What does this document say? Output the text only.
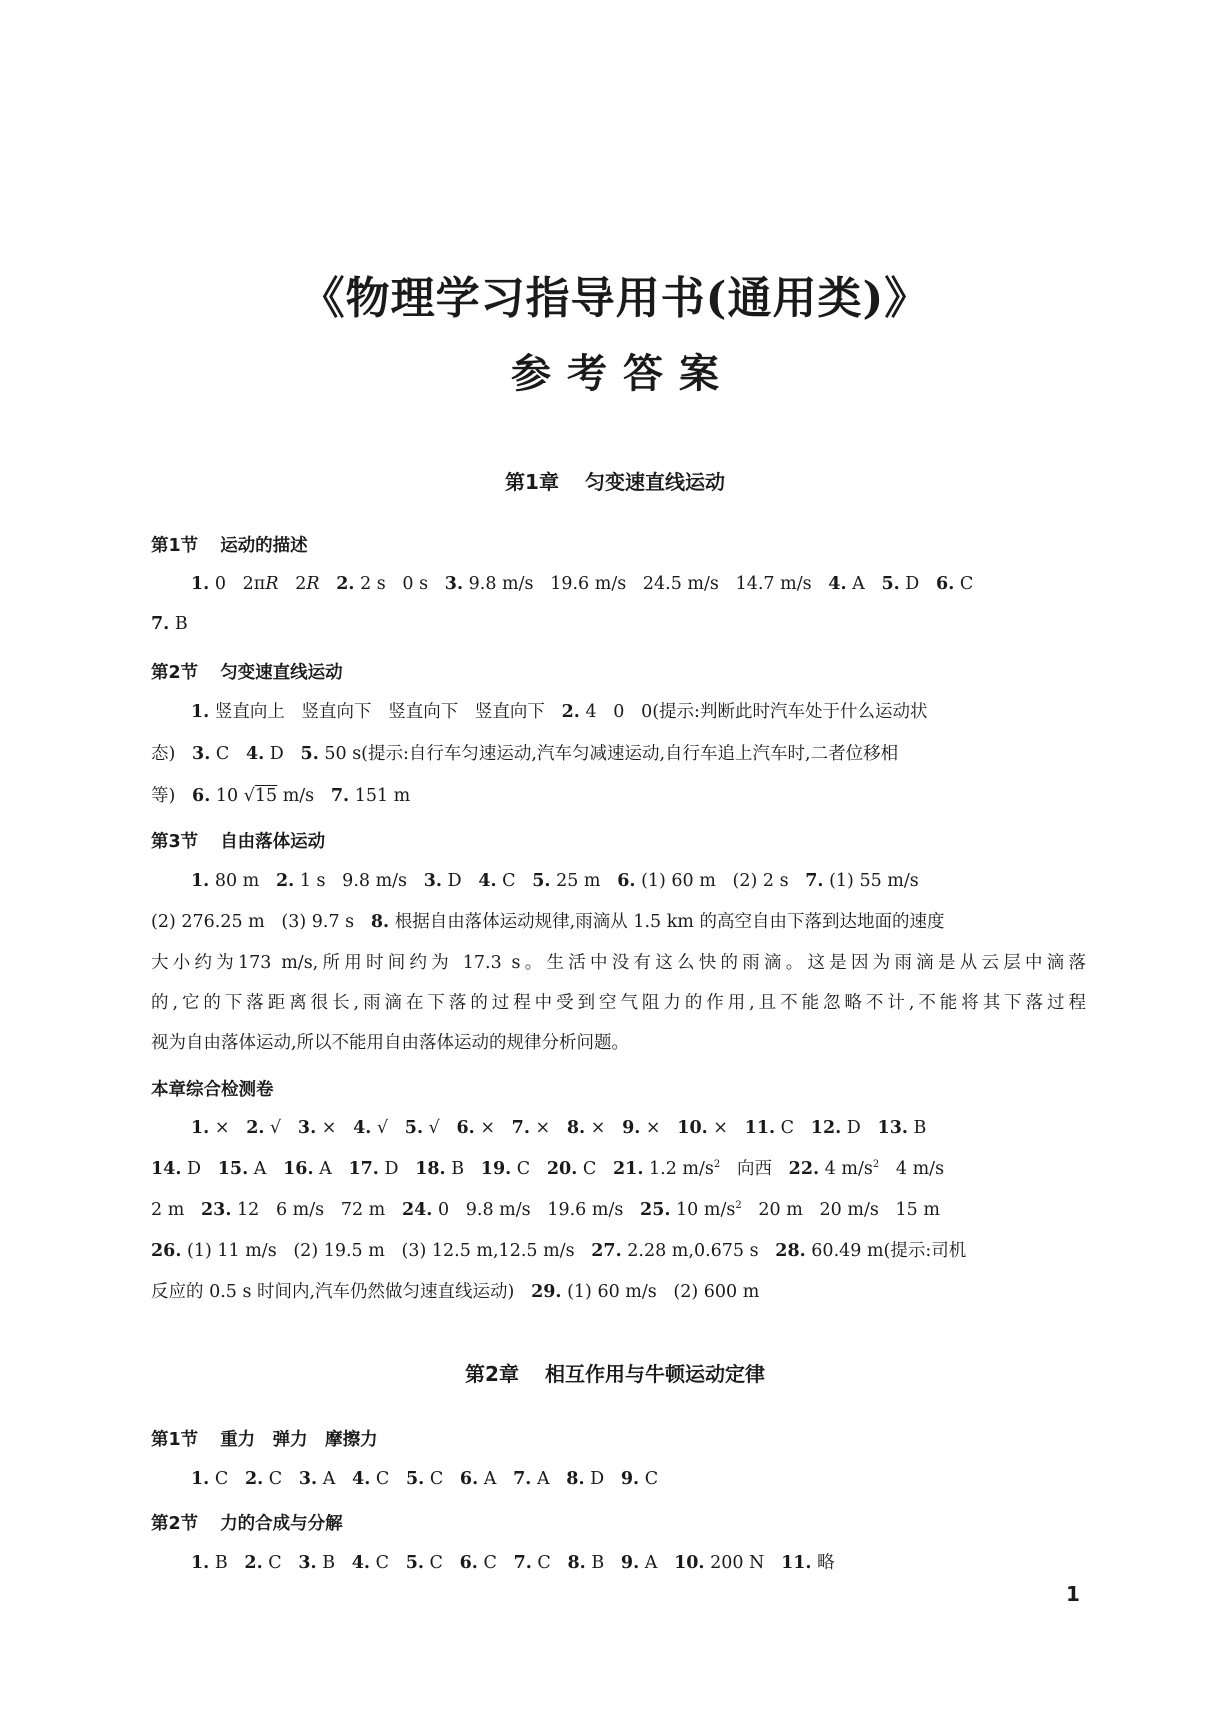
《物理学习指导用书(通用类)》
参考答案
第1章 匀变速直线运动
第1节 运动的描述
1. 0   2πR   2R 2. 2 s   0 s   3. 9.8 m/s   19.6 m/s   24.5 m/s   14.7 m/s   4. A   5. D   6. C
7. B
第2节 匀变速直线运动
1. 竖直向上   竖直向下   竖直向下   竖直向下   2. 4   0   0(提示:判断此时汽车处于什么运动状
态)   3. C   4. D   5. 50 s(提示:自行车匀速运动,汽车匀减速运动,自行车追上汽车时,二者位移相
等)   6. 10 √15 m/s   7. 151 m
第3节 自由落体运动
1. 80 m   2. 1 s   9.8 m/s   3. D   4. C   5. 25 m   6. (1) 60 m   (2) 2 s   7. (1) 55 m/s
(2) 276.25 m   (3) 9.7 s   8. 根据自由落体运动规律,雨滴从 1.5 km 的高空自由下落到达地面的速度
大小约为173 m/s,所用时间约为 17.3 s。生活中没有这么快的雨滴。这是因为雨滴是从云层中滴落
的,它的下落距离很长,雨滴在下落的过程中受到空气阻力的作用,且不能忽略不计,不能将其下落过程
视为自由落体运动,所以不能用自由落体运动的规律分析问题。
本章综合检测卷
1. ×   2. √   3. ×   4. √   5. √   6. ×   7. ×   8. ×   9. ×   10. ×   11. C   12. D   13. B
14. D   15. A   16. A   17. D   18. B   19. C   20. C   21. 1.2 $m/s^2$   向西   22. 4 $m/s^2$   4 m/s
2 m   23. 12   6 m/s   72 m   24. 0   9.8 m/s   19.6 m/s   25. 10 $m/s^2$   20 m   20 m/s   15 m
26. (1) 11 m/s   (2) 19.5 m   (3) 12.5 m,12.5 m/s   27. 2.28 m,0.675 s   28. 60.49 m(提示:司机
反应的 0.5 s 时间内,汽车仍然做匀速直线运动)   29. (1) 60 m/s   (2) 600 m
第2章 相互作用与牛顿运动定律
第1节 重力　弹力　摩擦力
1. C   2. C   3. A   4. C   5. C   6. A   7. A   8. D   9. C
第2节 力的合成与分解
1. B   2. C   3. B   4. C   5. C   6. C   7. C   8. B   9. A   10. 200 N   11. 略
1
